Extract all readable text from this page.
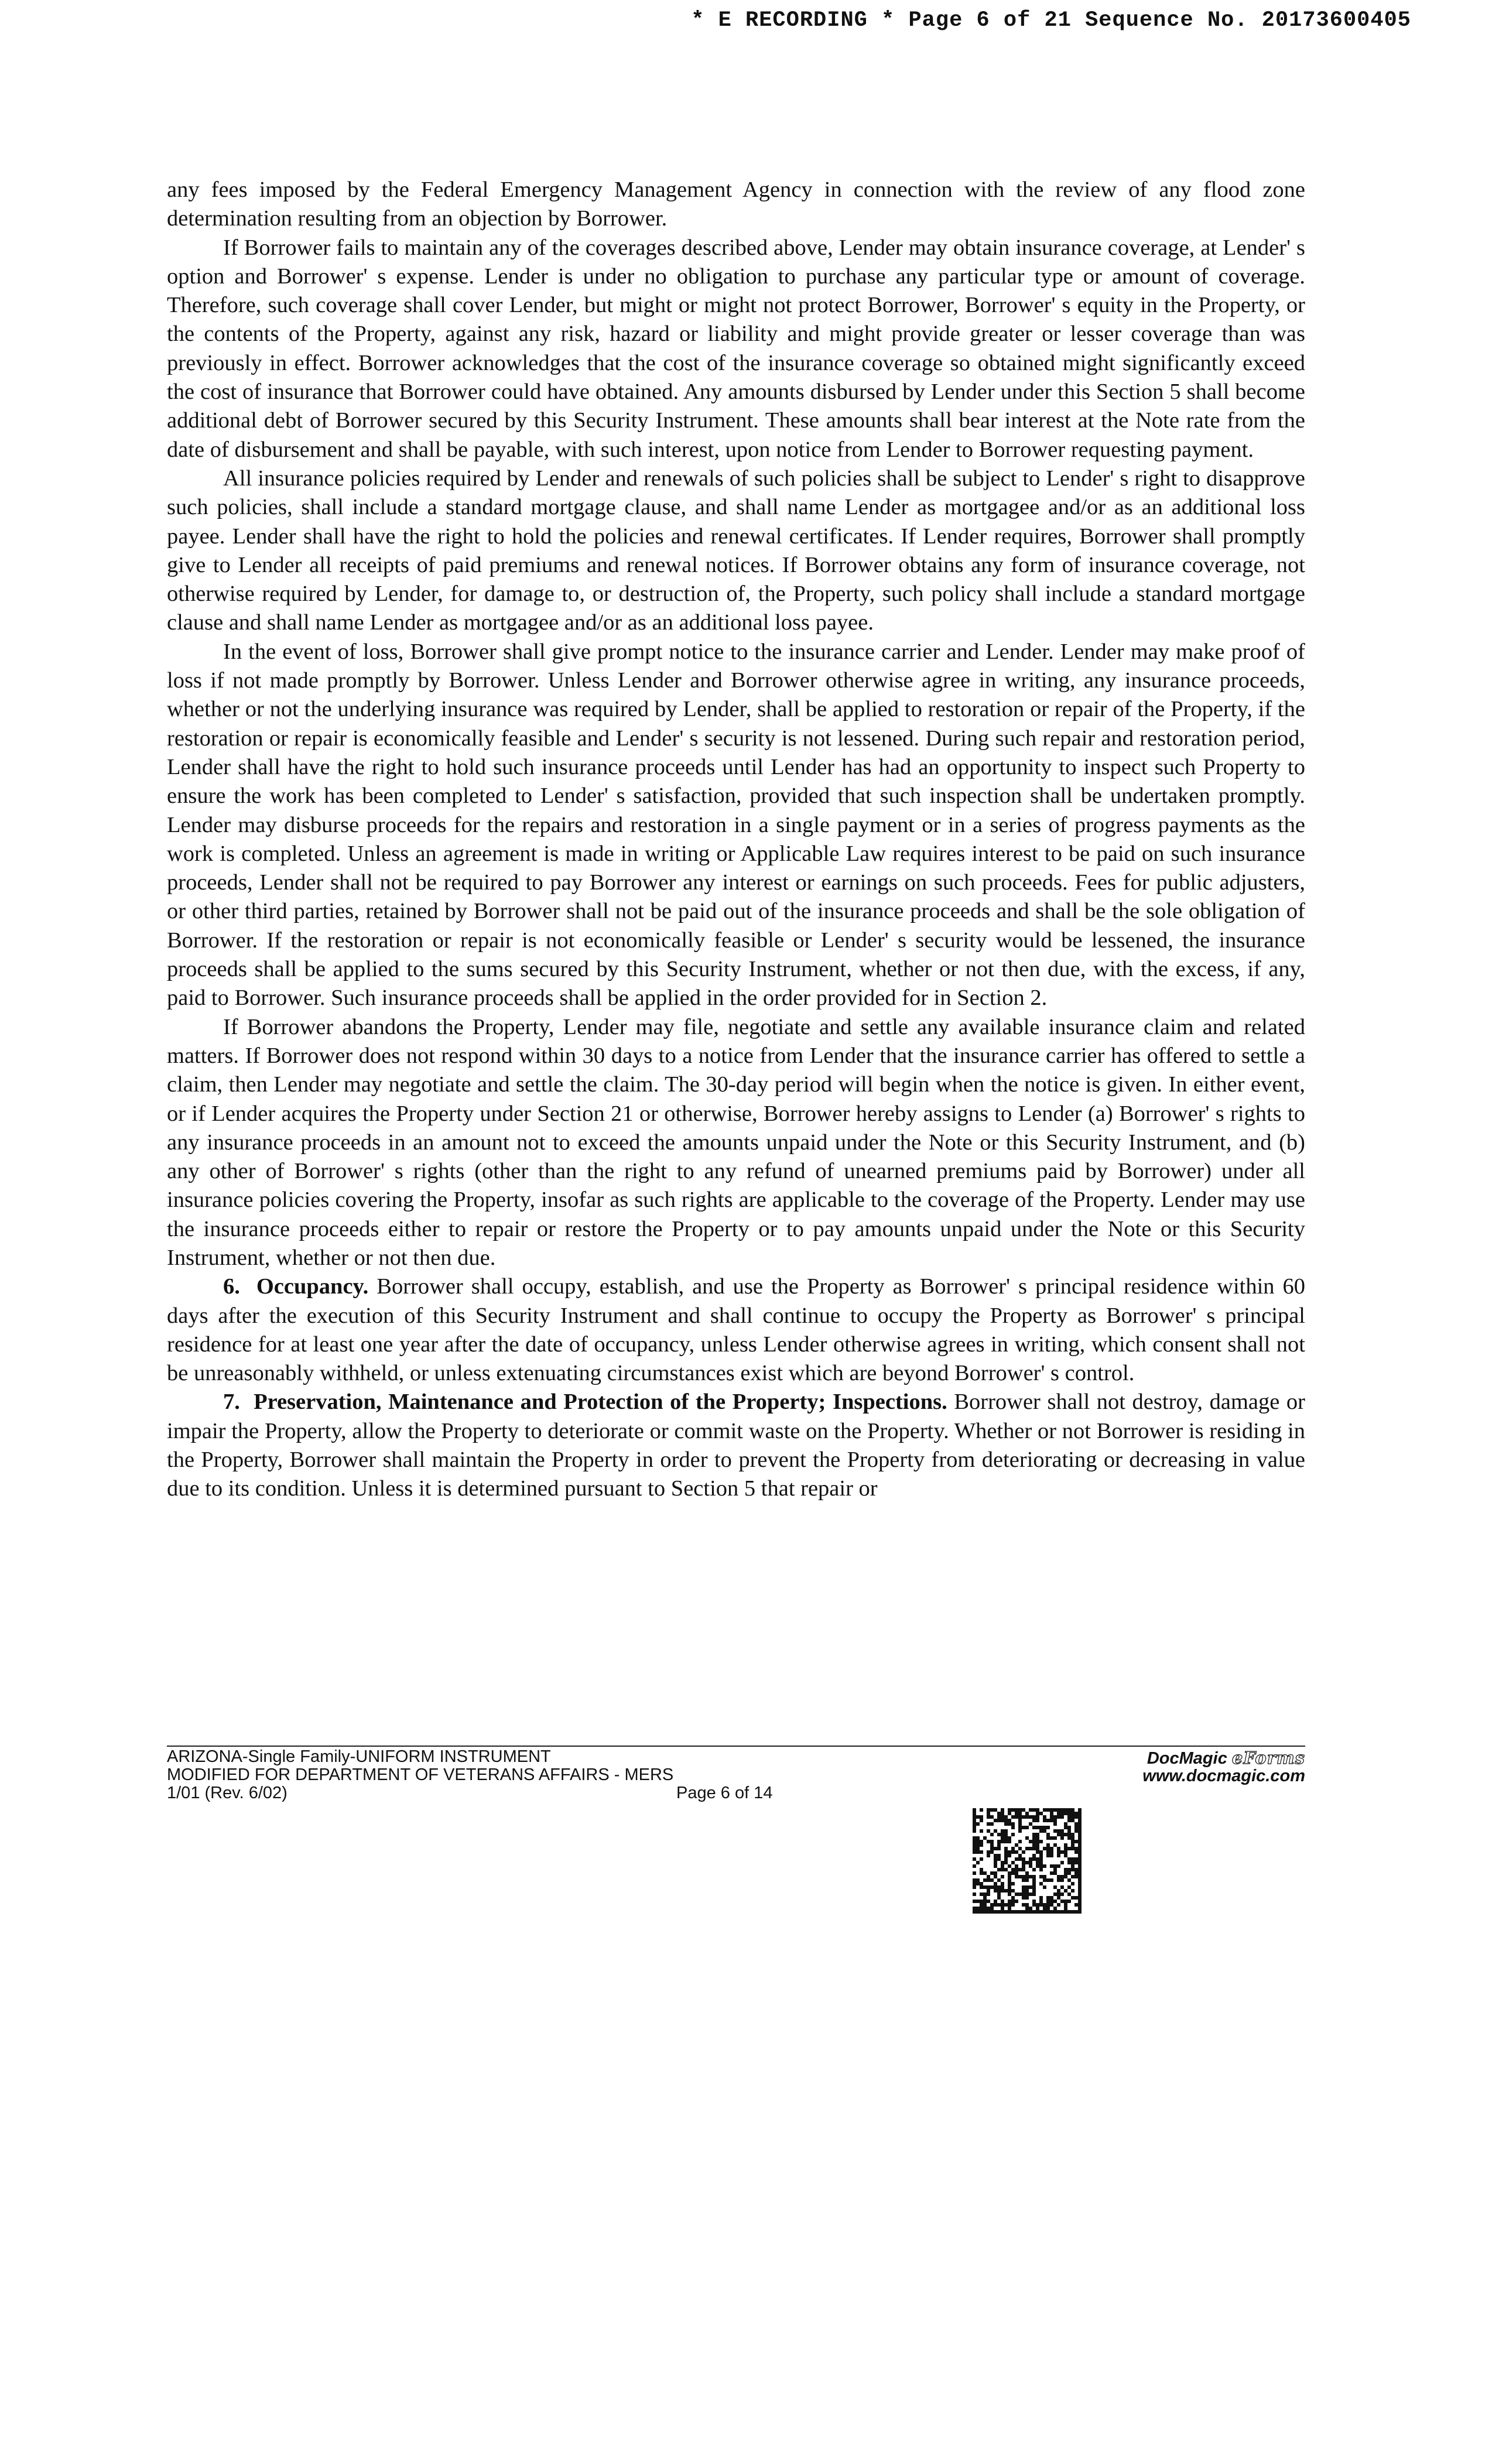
* E RECORDING * Page 6 of 21 Sequence No. 20173600405

any fees imposed by the Federal Emergency Management Agency in connection with the review of any flood zone determination resulting from an objection by Borrower.

If Borrower fails to maintain any of the coverages described above, Lender may obtain insurance coverage, at Lender' s option and Borrower' s expense. Lender is under no obligation to purchase any particular type or amount of coverage. Therefore, such coverage shall cover Lender, but might or might not protect Borrower, Borrower' s equity in the Property, or the contents of the Property, against any risk, hazard or liability and might provide greater or lesser coverage than was previously in effect. Borrower acknowledges that the cost of the insurance coverage so obtained might significantly exceed the cost of insurance that Borrower could have obtained. Any amounts disbursed by Lender under this Section 5 shall become additional debt of Borrower secured by this Security Instrument. These amounts shall bear interest at the Note rate from the date of disbursement and shall be payable, with such interest, upon notice from Lender to Borrower requesting payment.

All insurance policies required by Lender and renewals of such policies shall be subject to Lender' s right to disapprove such policies, shall include a standard mortgage clause, and shall name Lender as mortgagee and/or as an additional loss payee. Lender shall have the right to hold the policies and renewal certificates. If Lender requires, Borrower shall promptly give to Lender all receipts of paid premiums and renewal notices. If Borrower obtains any form of insurance coverage, not otherwise required by Lender, for damage to, or destruction of, the Property, such policy shall include a standard mortgage clause and shall name Lender as mortgagee and/or as an additional loss payee.

In the event of loss, Borrower shall give prompt notice to the insurance carrier and Lender. Lender may make proof of loss if not made promptly by Borrower. Unless Lender and Borrower otherwise agree in writing, any insurance proceeds, whether or not the underlying insurance was required by Lender, shall be applied to restoration or repair of the Property, if the restoration or repair is economically feasible and Lender' s security is not lessened. During such repair and restoration period, Lender shall have the right to hold such insurance proceeds until Lender has had an opportunity to inspect such Property to ensure the work has been completed to Lender' s satisfaction, provided that such inspection shall be undertaken promptly. Lender may disburse proceeds for the repairs and restoration in a single payment or in a series of progress payments as the work is completed. Unless an agreement is made in writing or Applicable Law requires interest to be paid on such insurance proceeds, Lender shall not be required to pay Borrower any interest or earnings on such proceeds. Fees for public adjusters, or other third parties, retained by Borrower shall not be paid out of the insurance proceeds and shall be the sole obligation of Borrower. If the restoration or repair is not economically feasible or Lender' s security would be lessened, the insurance proceeds shall be applied to the sums secured by this Security Instrument, whether or not then due, with the excess, if any, paid to Borrower. Such insurance proceeds shall be applied in the order provided for in Section 2.

If Borrower abandons the Property, Lender may file, negotiate and settle any available insurance claim and related matters. If Borrower does not respond within 30 days to a notice from Lender that the insurance carrier has offered to settle a claim, then Lender may negotiate and settle the claim. The 30-day period will begin when the notice is given. In either event, or if Lender acquires the Property under Section 21 or otherwise, Borrower hereby assigns to Lender (a) Borrower' s rights to any insurance proceeds in an amount not to exceed the amounts unpaid under the Note or this Security Instrument, and (b) any other of Borrower' s rights (other than the right to any refund of unearned premiums paid by Borrower) under all insurance policies covering the Property, insofar as such rights are applicable to the coverage of the Property. Lender may use the insurance proceeds either to repair or restore the Property or to pay amounts unpaid under the Note or this Security Instrument, whether or not then due.

6. Occupancy. Borrower shall occupy, establish, and use the Property as Borrower' s principal residence within 60 days after the execution of this Security Instrument and shall continue to occupy the Property as Borrower' s principal residence for at least one year after the date of occupancy, unless Lender otherwise agrees in writing, which consent shall not be unreasonably withheld, or unless extenuating circumstances exist which are beyond Borrower' s control.

7. Preservation, Maintenance and Protection of the Property; Inspections. Borrower shall not destroy, damage or impair the Property, allow the Property to deteriorate or commit waste on the Property. Whether or not Borrower is residing in the Property, Borrower shall maintain the Property in order to prevent the Property from deteriorating or decreasing in value due to its condition. Unless it is determined pursuant to Section 5 that repair or

ARIZONA-Single Family-UNIFORM INSTRUMENT
MODIFIED FOR DEPARTMENT OF VETERANS AFFAIRS - MERS
1/01 (Rev. 6/02)	Page 6 of 14
DocMagic eForms
www.docmagic.com
